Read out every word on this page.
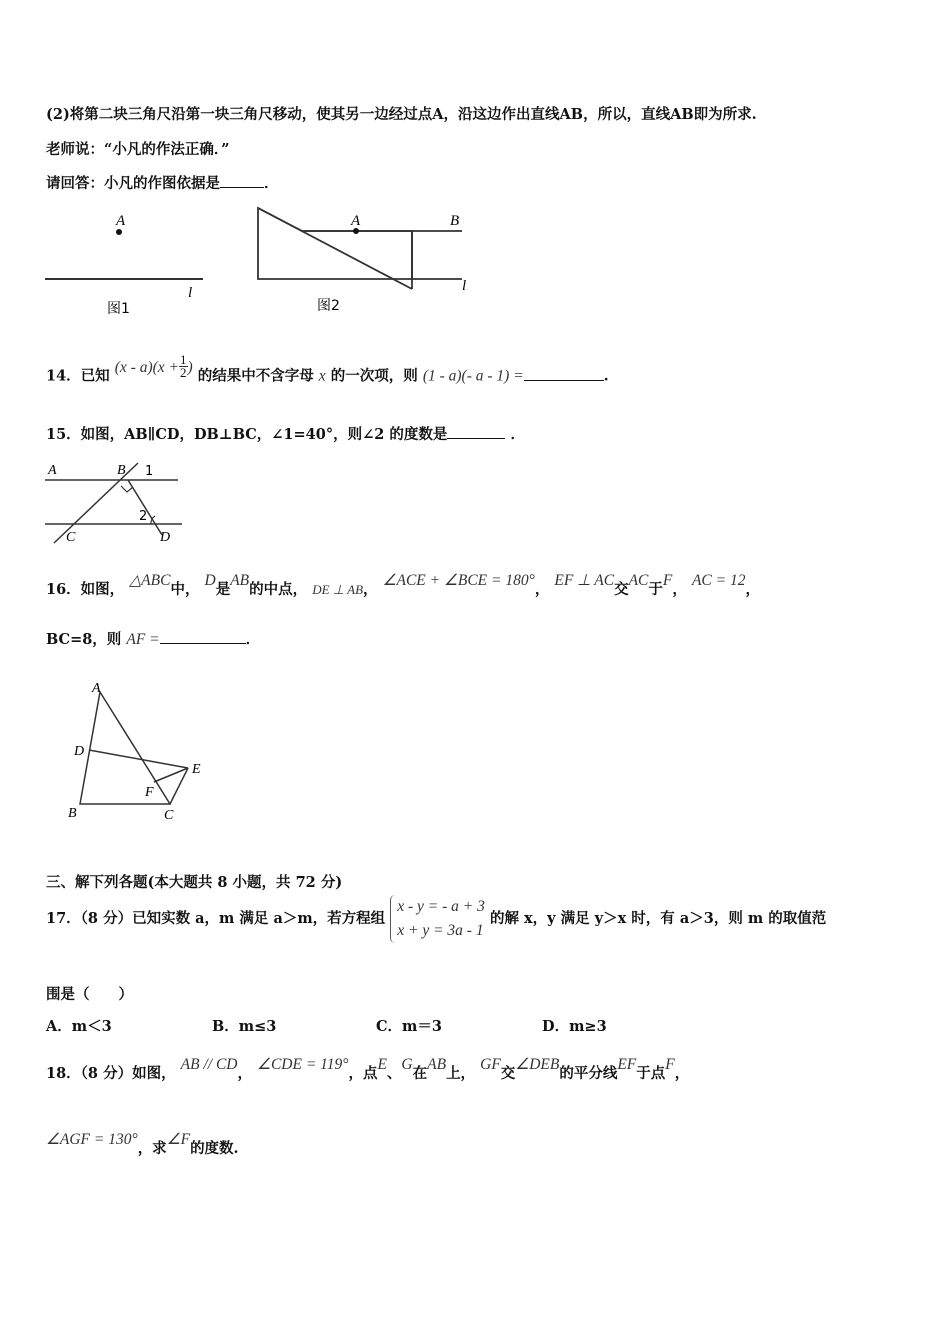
(2)将第二块三角尺沿第一块三角尺移动，使其另一边经过点A，沿这边作出直线AB，所以，直线AB即为所求.
老师说：“小凡的作法正确．”
请回答：小凡的作图依据是	．
A
l
图1
A	B
l
图2
14．已知 $(x - a)(x + \frac{1}{2}$ ) 的结果中不含字母 x 的一次项，则 (1 - a)(- a - 1) =	.
15．如图，AB∥CD，DB⊥BC，∠1=40°，则∠2 的度数是	．
A	B 1
2
C	D
16．如图， △ABC中， D是AB的中点， DE ⊥ AB， ∠ACE + ∠BCE = 180°， EF ⊥ AC交AC于F， AC = 12，
BC=8，则 AF =	．
A
D
E
F
B	C
三、解下列各题(本大题共 8 小题，共 72 分)
17．（8 分）已知实数 a，m 满足 a＞m，若方程组
x - y = - a + 3
x + y = 3a - 1
的解 x，y 满足 y＞x 时，有 a＞3，则 m 的取值范
围是（　　）
A．m＜3	B．m≤3	C．m＝3	D．m≥3
18．（8 分）如图， AB // CD， ∠CDE = 119°，点E、G在AB上， GF交∠DEB的平分线EF于点F，
∠AGF = 130°，求∠F的度数.
